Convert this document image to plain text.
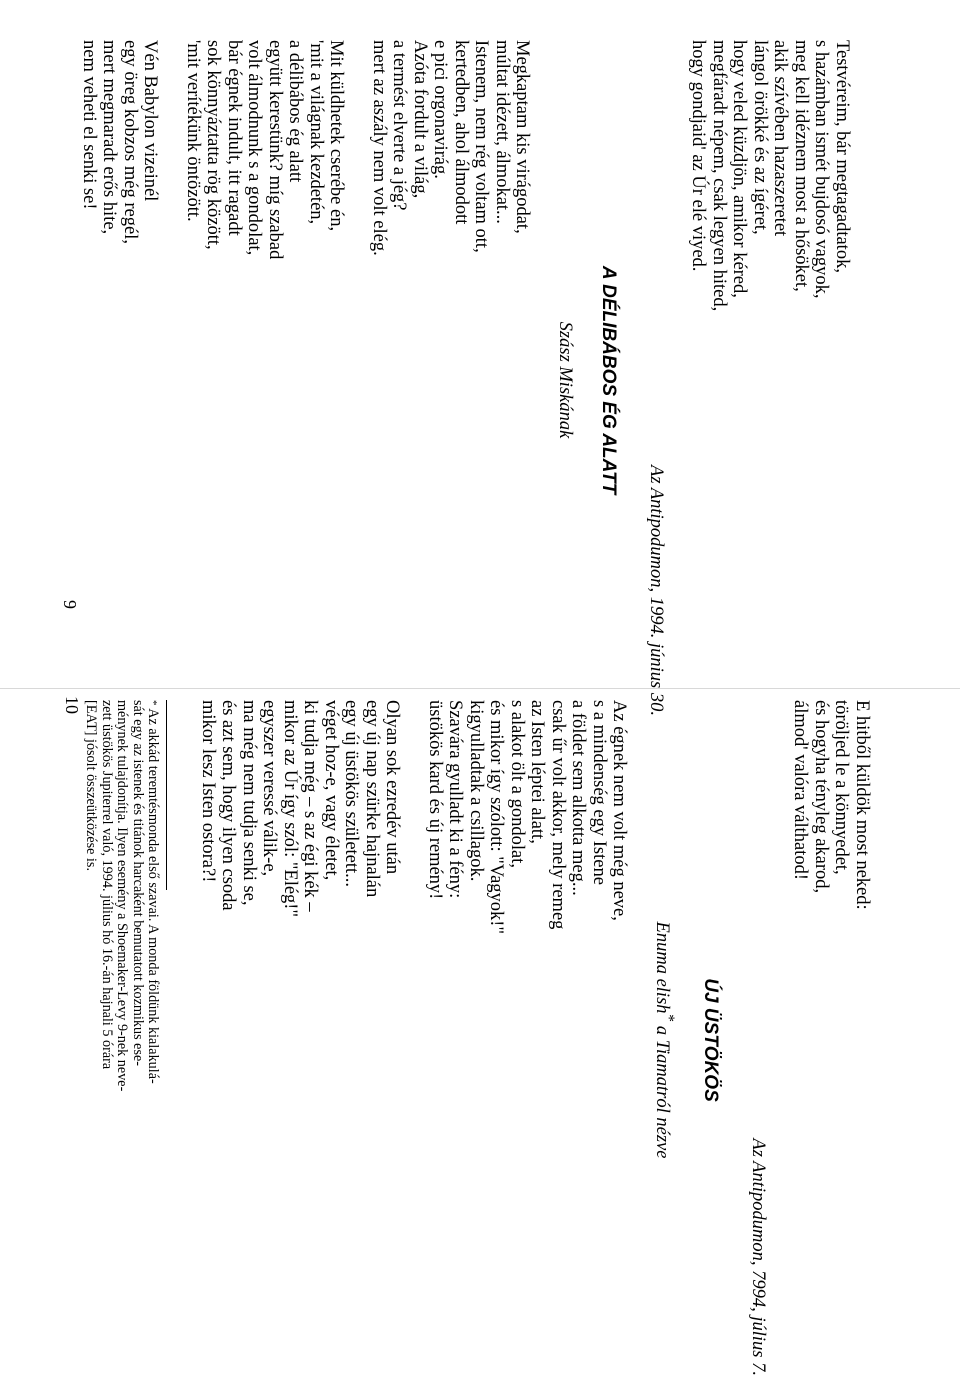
Testvéreim, bár megtagadtatok,
s hazámban ismét bujdosó vagyok,
meg kell idéznem most a hősöket,
akik szívében hazaszeretet
lángol örökké és az ígéret,
hogy veled küzdjön, amikor kéred,
megfáradt népem, csak legyen hited,
hogy gondjaid' az Úr elé viyed.
Az Antipodumon, 1994. június 30.
A DÉLIBÁBOS ÉG ALATT
Szász Miskának
Megkaptam kis virágodat,
múltat idézett, álmokat...
Istenem, nem rég voltam ott,
kertedben, ahol álmodott
e pici orgonavirág.
Azóta fordult a világ,
a termést elverte a jég?
mert az aszály nem volt elég.
Mit küldhetek cserébe én,
'mit a világnak kezdetén,
a délibábos ég alatt
együtt kerestünk? míg szabad
volt álmodnunk s a gondolat,
bár égnek indult, itt ragadt
sok könnyáztatta rög között,
'mit verítékünk öntözött.
Vén Babylon vizeinél
egy öreg kobzos még regél,
mert megmaradt erős hite,
nem veheti el senki se!
9
E hitből küldök most neked:
töröljed le a könnyedet,
és hogyha tényleg akarod,
álmod' valóra válthatod!
Az Antipodumon, 7994, július 7.
ÚJ ÜSTÖKÖS
Enuma elish* a Tiamatról nézve
Az égnek nem volt még neve,
s a mindenség egy Istene
a földet sem alkotta meg...
csak űr volt akkor, mely remeg
az Isten léptei alatt,
s alakot ölt a gondolat,
és mikor így szólott: "Vagyok!"
kigyulladtak a csillagok.
Szavára gyulladt ki a fény:
üstökös kard és új remény!
Olyan sok ezredév után
egy új nap szürke hajnalán
egy új üstökös született...
véget hoz-e, vagy életet,
ki tudja még – s az égi kék –
mikor az Úr így szól: "Elég!"
egyszer veressé válik-e,
ma még nem tudja senki se,
és azt sem, hogy ilyen csoda
mikor lesz Isten ostora?!
* Az akkád teremtésmonda első szavai. A monda földünk kialakulá-
sát egy az istenek és titánok harcaként bemutatott kozmikus ese-
ménynek tulajdonítja. Ilyen esemény a Shoemaker-Levy 9-nek neve-
zett üstökös Jupiterrel való, 1994. július hó 16.-án hajnali 5 órára
[EAT] jósolt összeütközése is.
10
